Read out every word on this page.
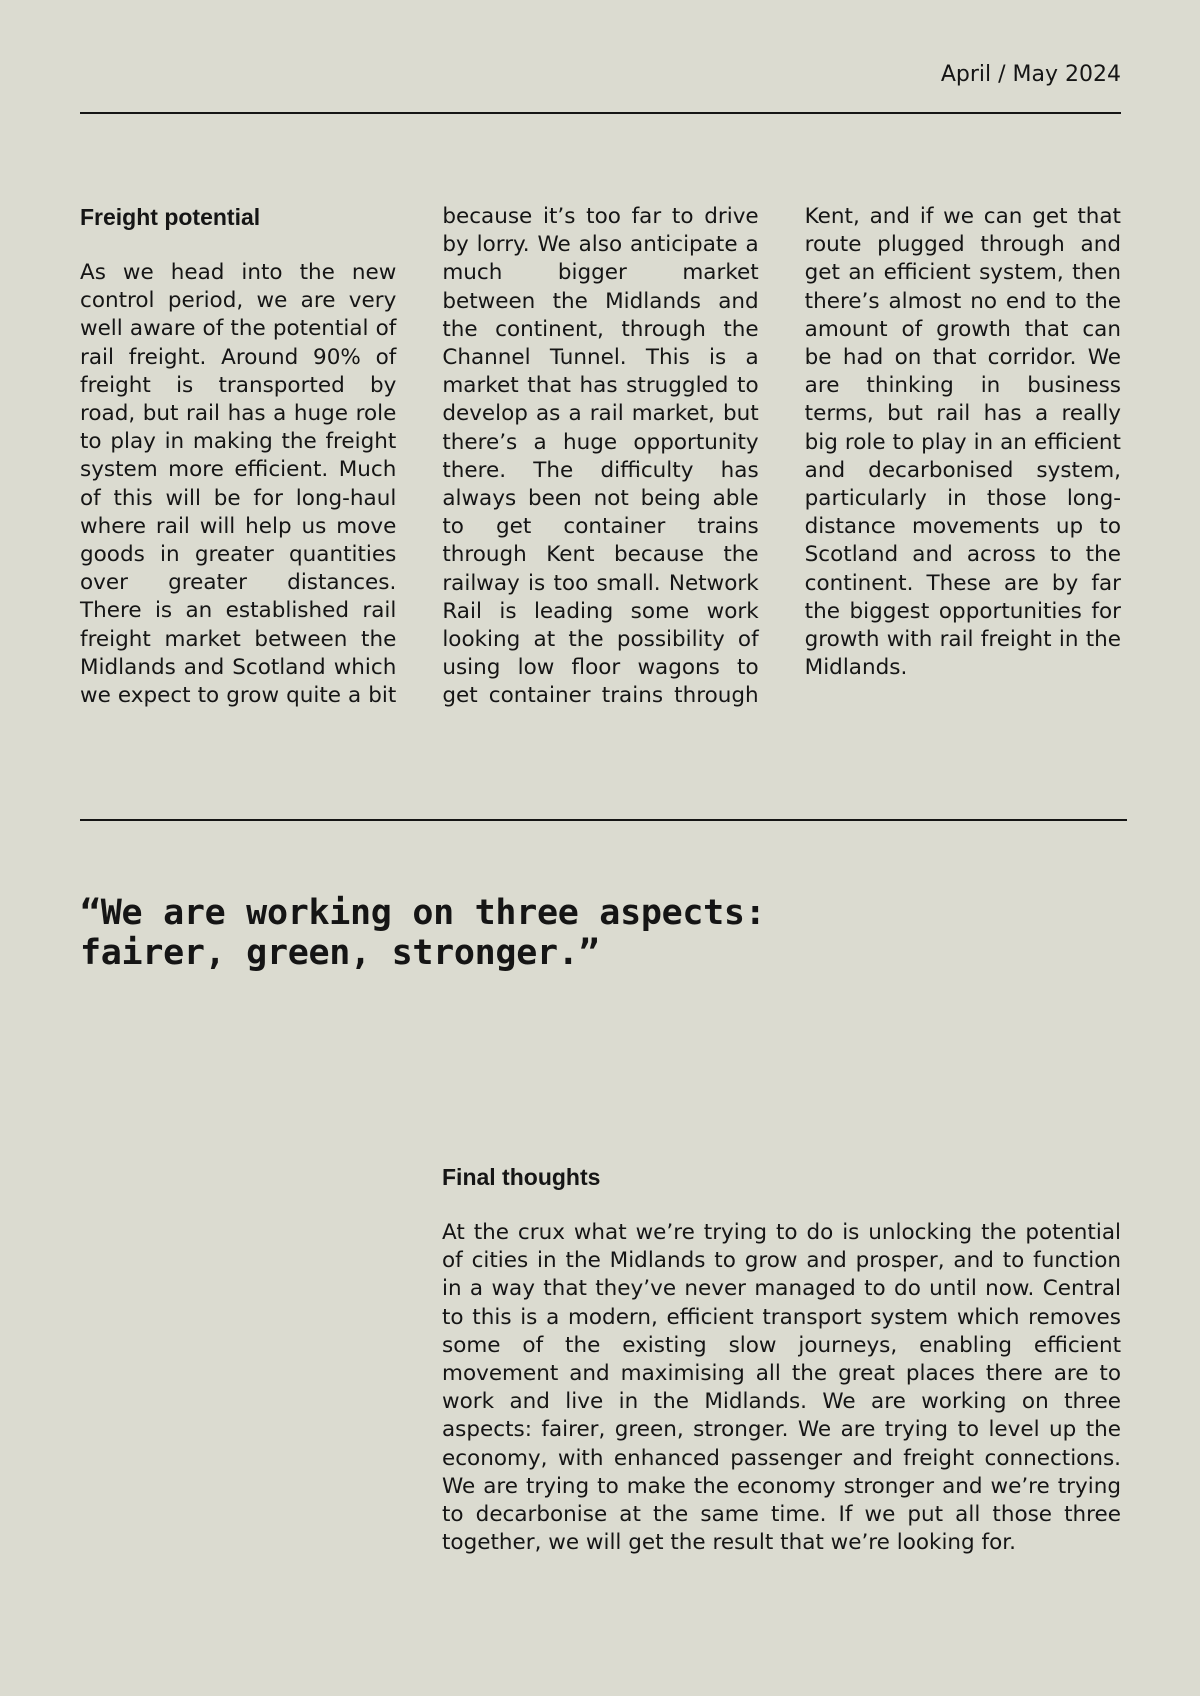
April / May 2024
Freight potential

As we head into the new control period, we are very well aware of the potential of rail freight. Around 90% of freight is transported by road, but rail has a huge role to play in making the freight system more efficient. Much of this will be for long-haul where rail will help us move goods in greater quantities over greater distances. There is an established rail freight market between the Midlands and Scotland which we expect to grow quite a bit because it’s too far to drive by lorry. We also anticipate a much bigger market between the Midlands and the continent, through the Channel Tunnel. This is a market that has struggled to develop as a rail market, but there’s a huge opportunity there. The difficulty has always been not being able to get container trains through Kent because the railway is too small. Network Rail is leading some work looking at the possibility of using low floor wagons to get container trains through Kent, and if we can get that route plugged through and get an efficient system, then there’s almost no end to the amount of growth that can be had on that corridor. We are thinking in business terms, but rail has a really big role to play in an efficient and decarbonised system, particularly in those long-distance movements up to Scotland and across to the continent. These are by far the biggest opportunities for growth with rail freight in the Midlands.

“We are working on three aspects:
fairer, green, stronger.”
Final thoughts

At the crux what we’re trying to do is unlocking the potential of cities in the Midlands to grow and prosper, and to function in a way that they’ve never managed to do until now. Central to this is a modern, efficient transport system which removes some of the existing slow journeys, enabling efficient movement and maximising all the great places there are to work and live in the Midlands. We are working on three aspects: fairer, green, stronger. We are trying to level up the economy, with enhanced passenger and freight connections. We are trying to make the economy stronger and we’re trying to decarbonise at the same time. If we put all those three together, we will get the result that we’re looking for.
